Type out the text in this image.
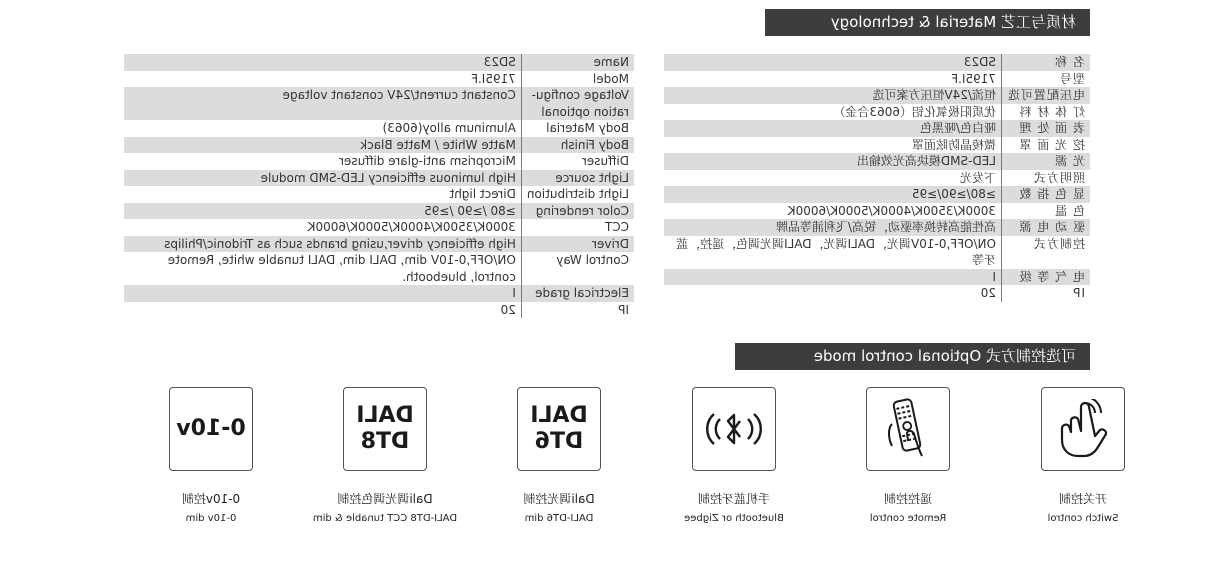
材质与工艺 Material & technology
名 称	SD23
型号	7195I.F
电压配置可选	恒流/24V恒压方案可选
灯 体 材 料	优质阳极氧化铝（6063合金）
表 面 处 理	哑白色/哑黑色
挖 光 面 罩	微棱晶防眩面罩
光 源	LED-SMD模块高光效输出
照明方式	下发光
显 色 指 数	≥80/≥90/≥95
色 温	3000K/3500K/4000K/5000K/6000K
驱 动 电 源	高性能高转换率驱动，锐高/飞利浦等品牌
控制方式	ON/OFF,0-10V调光，DALI调光，DALI调光调色，遥控，蓝牙等
电 气 等 级	I
IP	20
Name	SD23
Model	7195I.F
Voltage configu-ration optional	Constant current/24V constant voltage
Body Material	Aluminum alloy(6063)
Body Finish	Matte White / Matte Black
Diffuser	Microprism anti-glare diffuser
Light source	High luminous efficiency LED-SMD module
Light distribution	Direct light
Color rendering	≥80 /≥90 /≥95
CCT	3000K/3500K/4000K/5000K/6000K
Driver	High efficiency driver,using brands such as Tridonic/Philips
Control Way	ON/OFF,0-10V dim, DALI dim, DALI tunable white, Remote control, bluebooth.
Electrical grade	I
IP	20
可选控制方式 Optional control mode
开关控制
Switch control
遥控控制
Remote control
手机蓝牙控制
Bluetooth or Zigbee
DALI
DT6
Dali调光控制
DALI-DT6 dim
DALI
DT8
Dali调光调色控制
DALI-DT8 CCT tunable & dim
0-10v
0-10v控制
0-10v dim
